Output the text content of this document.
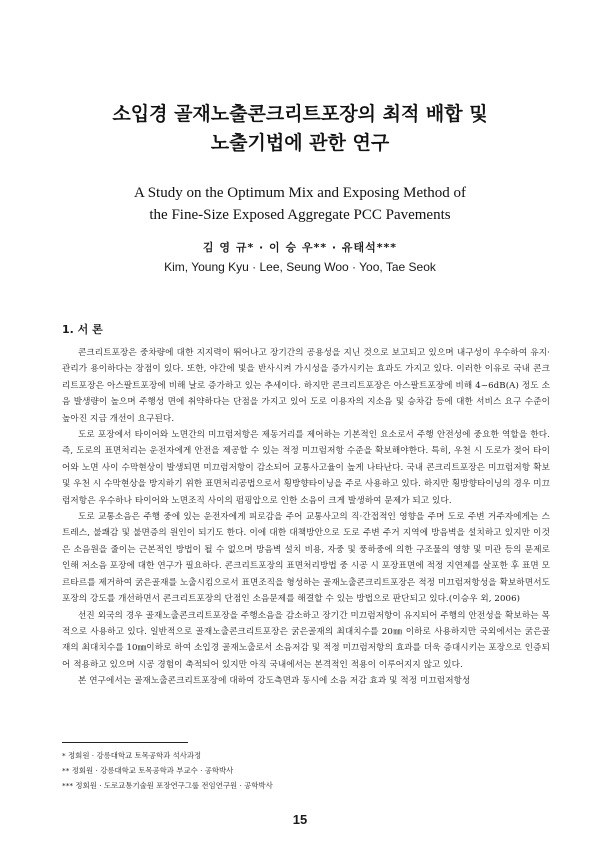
소입경 골재노출콘크리트포장의 최적 배합 및
노출기법에 관한 연구
A Study on the Optimum Mix and Exposing Method of
the Fine-Size Exposed Aggregate PCC Pavements
김 영 규* · 이 승 우** · 유태석***
Kim, Young Kyu · Lee, Seung Woo · Yoo, Tae Seok
1. 서 론

콘크리트포장은 중차량에 대한 지지력이 뛰어나고 장기간의 공용성을 지닌 것으로 보고되고 있으며 내구성이 우수하여 유지·관리가 용이하다는 장점이 있다. 또한, 야간에 빛을 반사시켜 가시성을 증가시키는 효과도 가지고 있다. 이러한 이유로 국내 콘크리트포장은 아스팔트포장에 비해 날로 증가하고 있는 추세이다. 하지만 콘크리트포장은 아스팔트포장에 비해 4~6dB(A) 정도 소음 발생량이 높으며 주행성 면에 취약하다는 단점을 가지고 있어 도로 이용자의 지소음 및 승차감 등에 대한 서비스 요구 수준이 높아진 지금 개선이 요구된다.

도로 포장에서 타이어와 노면간의 미끄럼저항은 제동거리를 제어하는 기본적인 요소로서 주행 안전성에 중요한 역할을 한다. 즉, 도로의 표면처리는 운전자에게 안전을 제공할 수 있는 적정 미끄럼저항 수준을 확보해야한다. 특히, 우천 시 도로가 젖어 타이어와 노면 사이 수막현상이 발생되면 미끄럼저항이 감소되어 교통사고율이 높게 나타난다. 국내 콘크리트포장은 미끄럼저항 확보 및 우천 시 수막현상을 방지하기 위한 표면처리공법으로서 횡방향타이닝을 주로 사용하고 있다. 하지만 횡방향타이닝의 경우 미끄럼저항은 우수하나 타이어와 노면조직 사이의 펌핑압으로 인한 소음이 크게 발생하여 문제가 되고 있다.

도로 교통소음은 주행 중에 있는 운전자에게 피로감을 주어 교통사고의 직·간접적인 영향을 주며 도로 주변 거주자에게는 스트레스, 불쾌감 및 불면증의 원인이 되기도 한다. 이에 대한 대책방안으로 도로 주변 주거 지역에 방음벽을 설치하고 있지만 이것은 소음원을 줄이는 근본적인 방법이 될 수 없으며 방음벽 설치 비용, 자중 및 풍하중에 의한 구조물의 영향 및 미관 등의 문제로 인해 저소음 포장에 대한 연구가 필요하다. 콘크리트포장의 표면처리방법 중 시공 시 포장표면에 적정 지연제를 살포한 후 표면 모르타르를 제거하여 굵은골재를 노출시킴으로서 표면조직을 형성하는 골재노출콘크리트포장은 적정 미끄럼저항성을 확보하면서도 포장의 강도를 개선하면서 콘크리트포장의 단점인 소음문제를 해결할 수 있는 방법으로 판단되고 있다.(이승우 외, 2006)

선진 외국의 경우 골재노출콘크리트포장을 주행소음을 감소하고 장기간 미끄럼저항이 유지되어 주행의 안전성을 확보하는 목적으로 사용하고 있다. 일반적으로 골재노출콘크리트포장은 굵은골재의 최대치수를 20㎜ 이하로 사용하지만 국외에서는 굵은골재의 최대치수를 10㎜이하로 하여 소입경 골재노출로서 소음저감 및 적정 미끄럼저항의 효과를 더욱 증대시키는 포장으로 인증되어 적용하고 있으며 시공 경험이 축적되어 있지만 아직 국내에서는 본격적인 적용이 이루어지지 않고 있다.

본 연구에서는 골재노출콘크리트포장에 대하여 강도측면과 동시에 소음 저감 효과 및 적정 미끄럼저항성

* 정회원 · 강릉대학교 토목공학과 석사과정
** 정회원 · 강릉대학교 토목공학과 부교수 · 공학박사
*** 정회원 · 도로교통기술원 포장연구그룹 전임연구원 · 공학박사
15
